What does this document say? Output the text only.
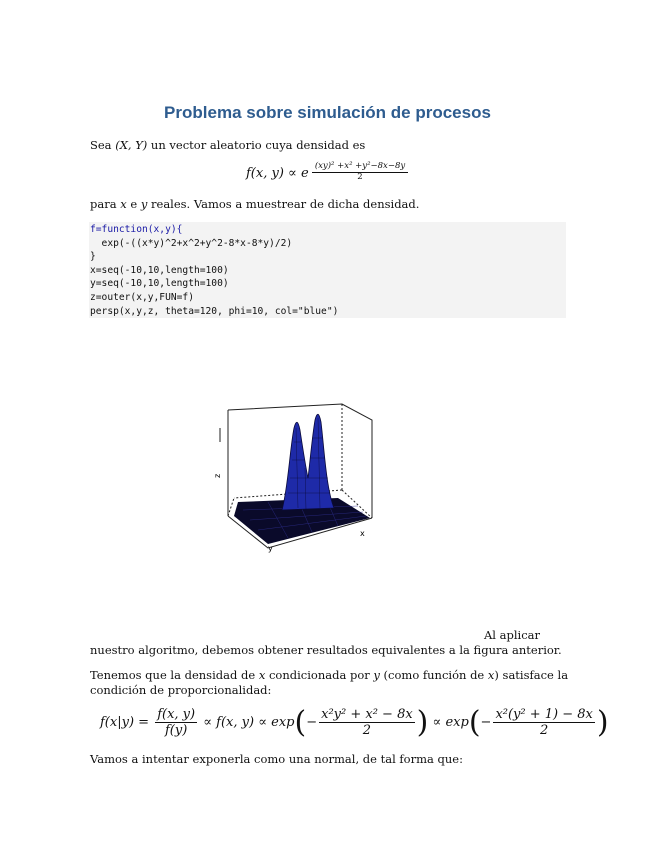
Problema sobre simulación de procesos
Sea (X, Y) un vector aleatorio cuya densidad es
f(x, y) ∝ e (xy)² +x² +y²−8x−8y
2
para x e y reales. Vamos a muestrear de dicha densidad.
f=function(x,y){
exp(-((x*y)^2+x^2+y^2-8*x-8*y)/2)
}
x=seq(-10,10,length=100)
y=seq(-10,10,length=100)
z=outer(x,y,FUN=f)
persp(x,y,z, theta=120, phi=10, col="blue")
z
x
y
Al aplicar
nuestro algoritmo, debemos obtener resultados equivalentes a la figura anterior.
Tenemos que la densidad de x condicionada por y (como función de x) satisface la
condición de proporcionalidad:
$f(x|y) = \frac{f(x, y)}{f(y)} \propto f(x$, $y) \propto \exp(- \frac{\text{x²y² + x² − 8x}}{2}$ ) ∝ $\exp(- \frac{\text{x²(y² + 1) − 8x}}{2}$ )
Vamos a intentar exponerla como una normal, de tal forma que:
